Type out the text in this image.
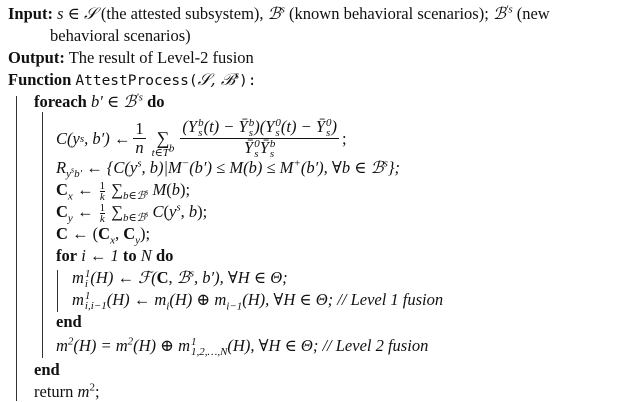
Input: s ∈ 𝒮 (the attested subsystem), ℬ$^s$ (known behavioral scenarios); ℬ$^{'s}$ (new
behavioral scenarios)
Output: The result of Level-2 fusion
Function AttestProcess(𝒮, ℬ$^s$):
foreach b′ ∈ ℬ$^{'s}$ do
C(y s , b′) ← $\frac{1}{n}$ ∑
$t\in T^b$ (Y b
s (t) − Ȳ b
s )(Y 0
s (t) − Ȳ 0
s )
Ȳ 0
s Ȳ b
s ;
$R_{y^sb'}$ ← {$C(y^s$, b)|M−(b′) ≤ M(b) ≤ M+(b′), ∀b ∈ ℬ$^s$};
$C_x$ ← $\frac{1}{k} \sum_{b\in ℬ^s}$ M(b);
$C_y$ ← $\frac{1}{k} \sum_{b\in ℬ^s}$ $C(y^s$, b);
C ← ($C_x$, $C_y$);
for i ← 1 to N do
m 1
i (H) ← ℱ(C, ℬ$^s$, b′), ∀H ∈ Θ;
m 1
i,i−1 (H) ← $m_i(H)$ ⊕ $m_{i-1}(H)$, ∀H ∈ Θ; // Level 1 fusion
end
$m^2(H) = m^2(H)$ ⊕ m 1
1,2,…,N (H), ∀H ∈ Θ; // Level 2 fusion
end
return $m^2$;
